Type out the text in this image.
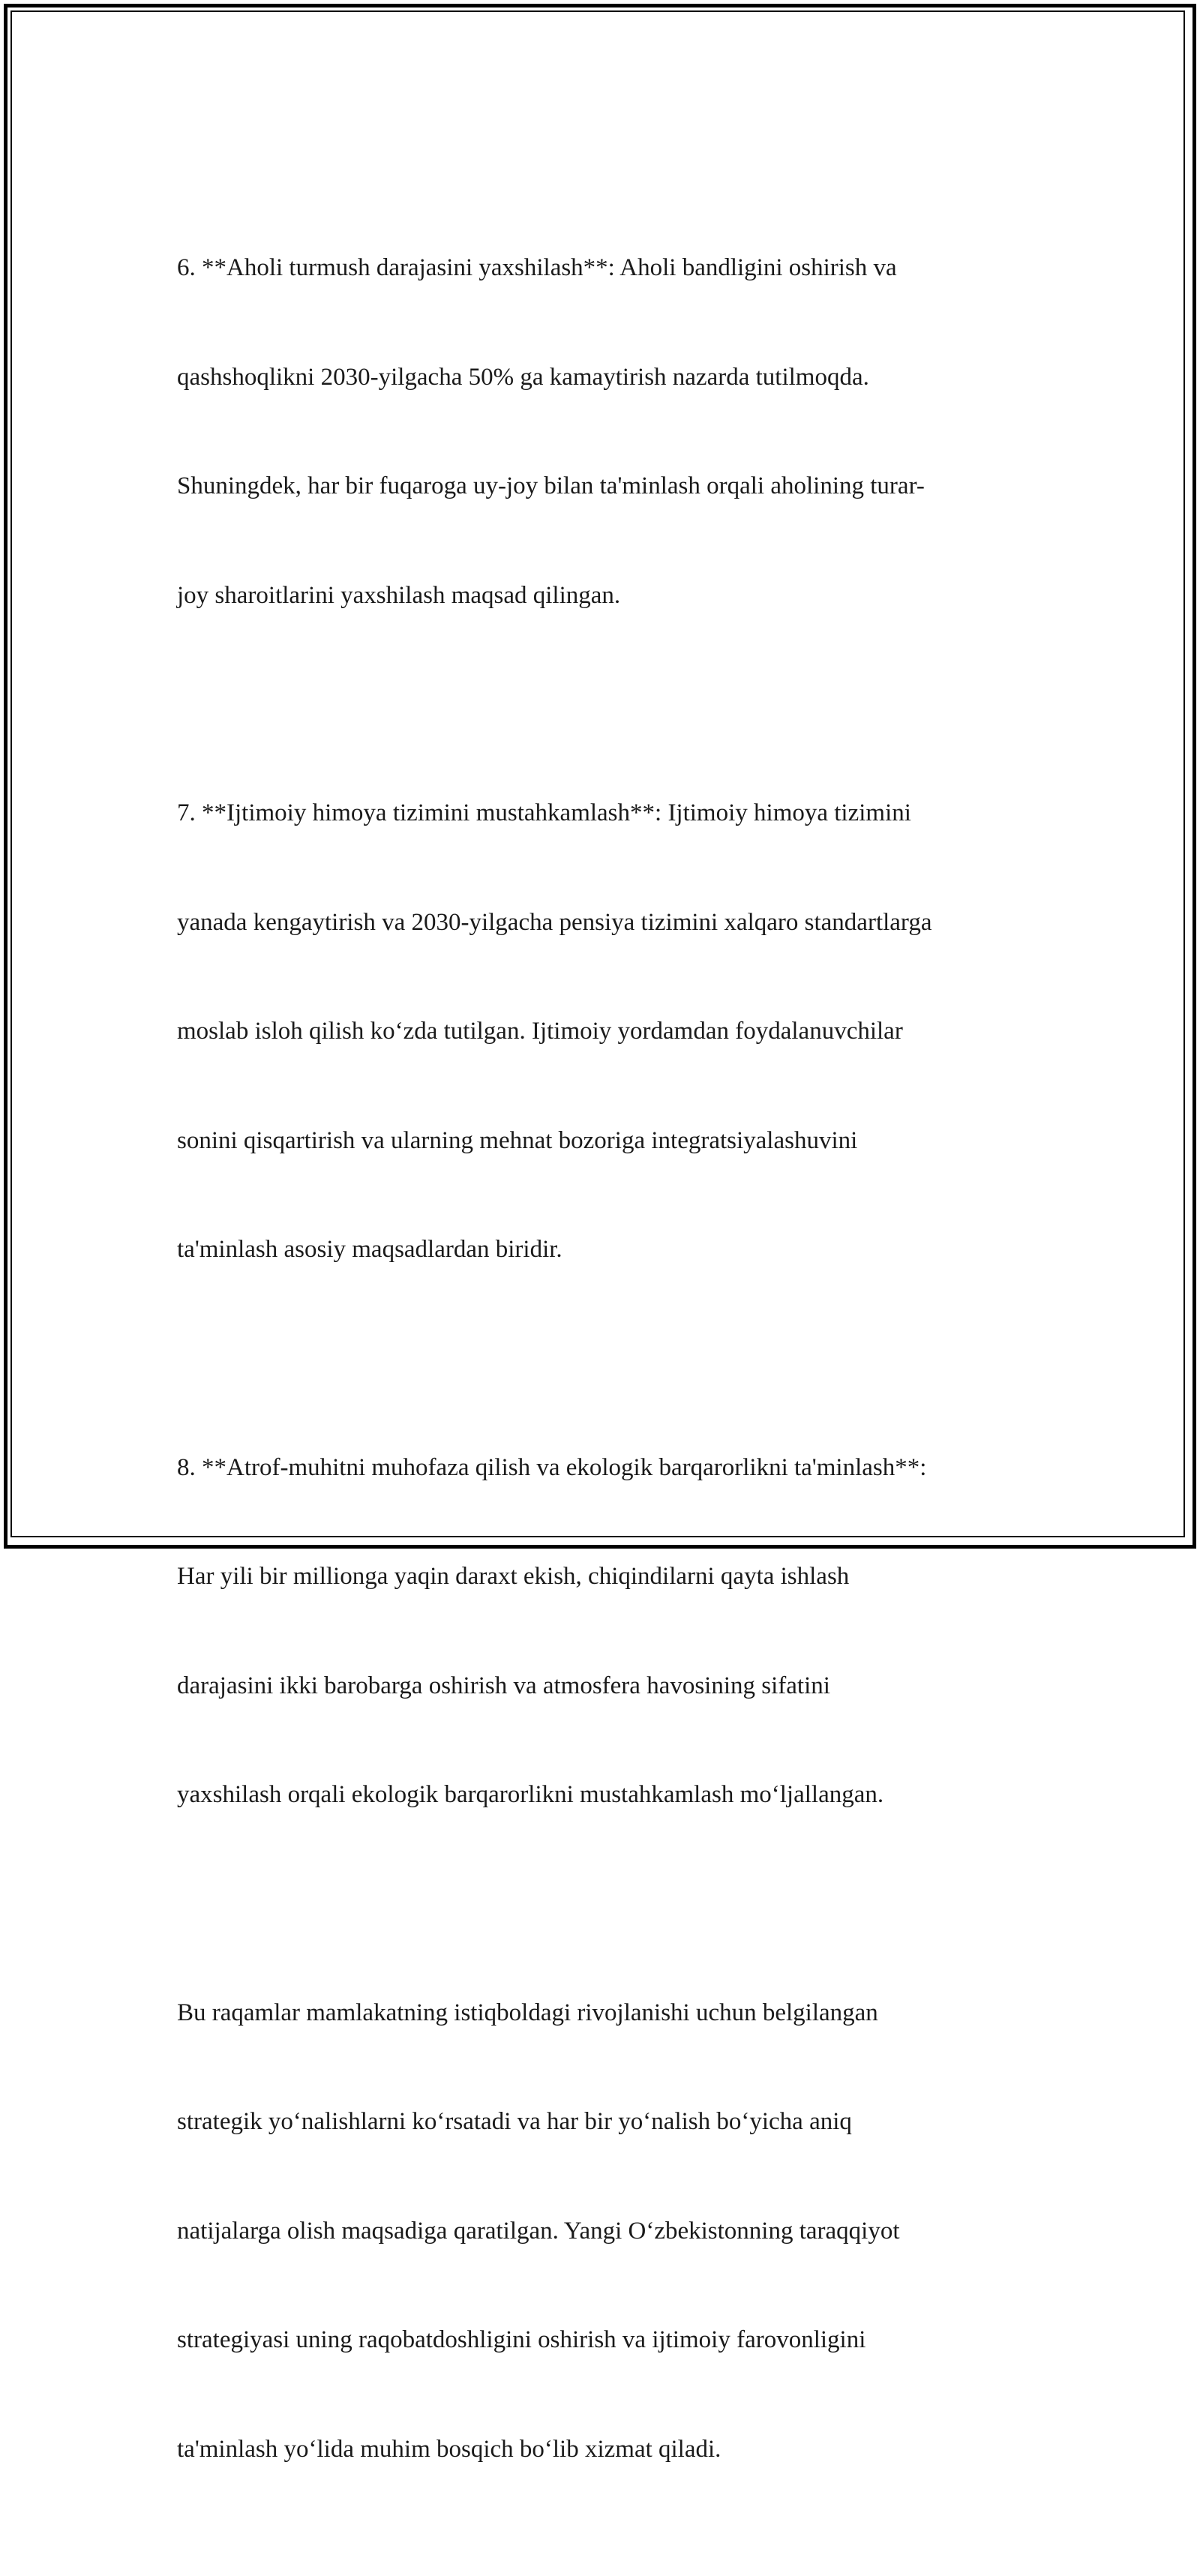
6. **Aholi turmush darajasini yaxshilash**: Aholi bandligini oshirish va

qashshoqlikni 2030-yilgacha 50% ga kamaytirish nazarda tutilmoqda.

Shuningdek, har bir fuqaroga uy-joy bilan ta'minlash orqali aholining turar-

joy sharoitlarini yaxshilash maqsad qilingan.

7. **Ijtimoiy himoya tizimini mustahkamlash**: Ijtimoiy himoya tizimini

yanada kengaytirish va 2030-yilgacha pensiya tizimini xalqaro standartlarga

moslab isloh qilish koʻzda tutilgan. Ijtimoiy yordamdan foydalanuvchilar

sonini qisqartirish va ularning mehnat bozoriga integratsiyalashuvini

ta'minlash asosiy maqsadlardan biridir.

8. **Atrof-muhitni muhofaza qilish va ekologik barqarorlikni ta'minlash**:

Har yili bir millionga yaqin daraxt ekish, chiqindilarni qayta ishlash

darajasini ikki barobarga oshirish va atmosfera havosining sifatini

yaxshilash orqali ekologik barqarorlikni mustahkamlash moʻljallangan.

Bu raqamlar mamlakatning istiqboldagi rivojlanishi uchun belgilangan

strategik yoʻnalishlarni koʻrsatadi va har bir yoʻnalish boʻyicha aniq

natijalarga olish maqsadiga qaratilgan. Yangi Oʻzbekistonning taraqqiyot

strategiyasi uning raqobatdoshligini oshirish va ijtimoiy farovonligini

ta'minlash yoʻlida muhim bosqich boʻlib xizmat qiladi.
